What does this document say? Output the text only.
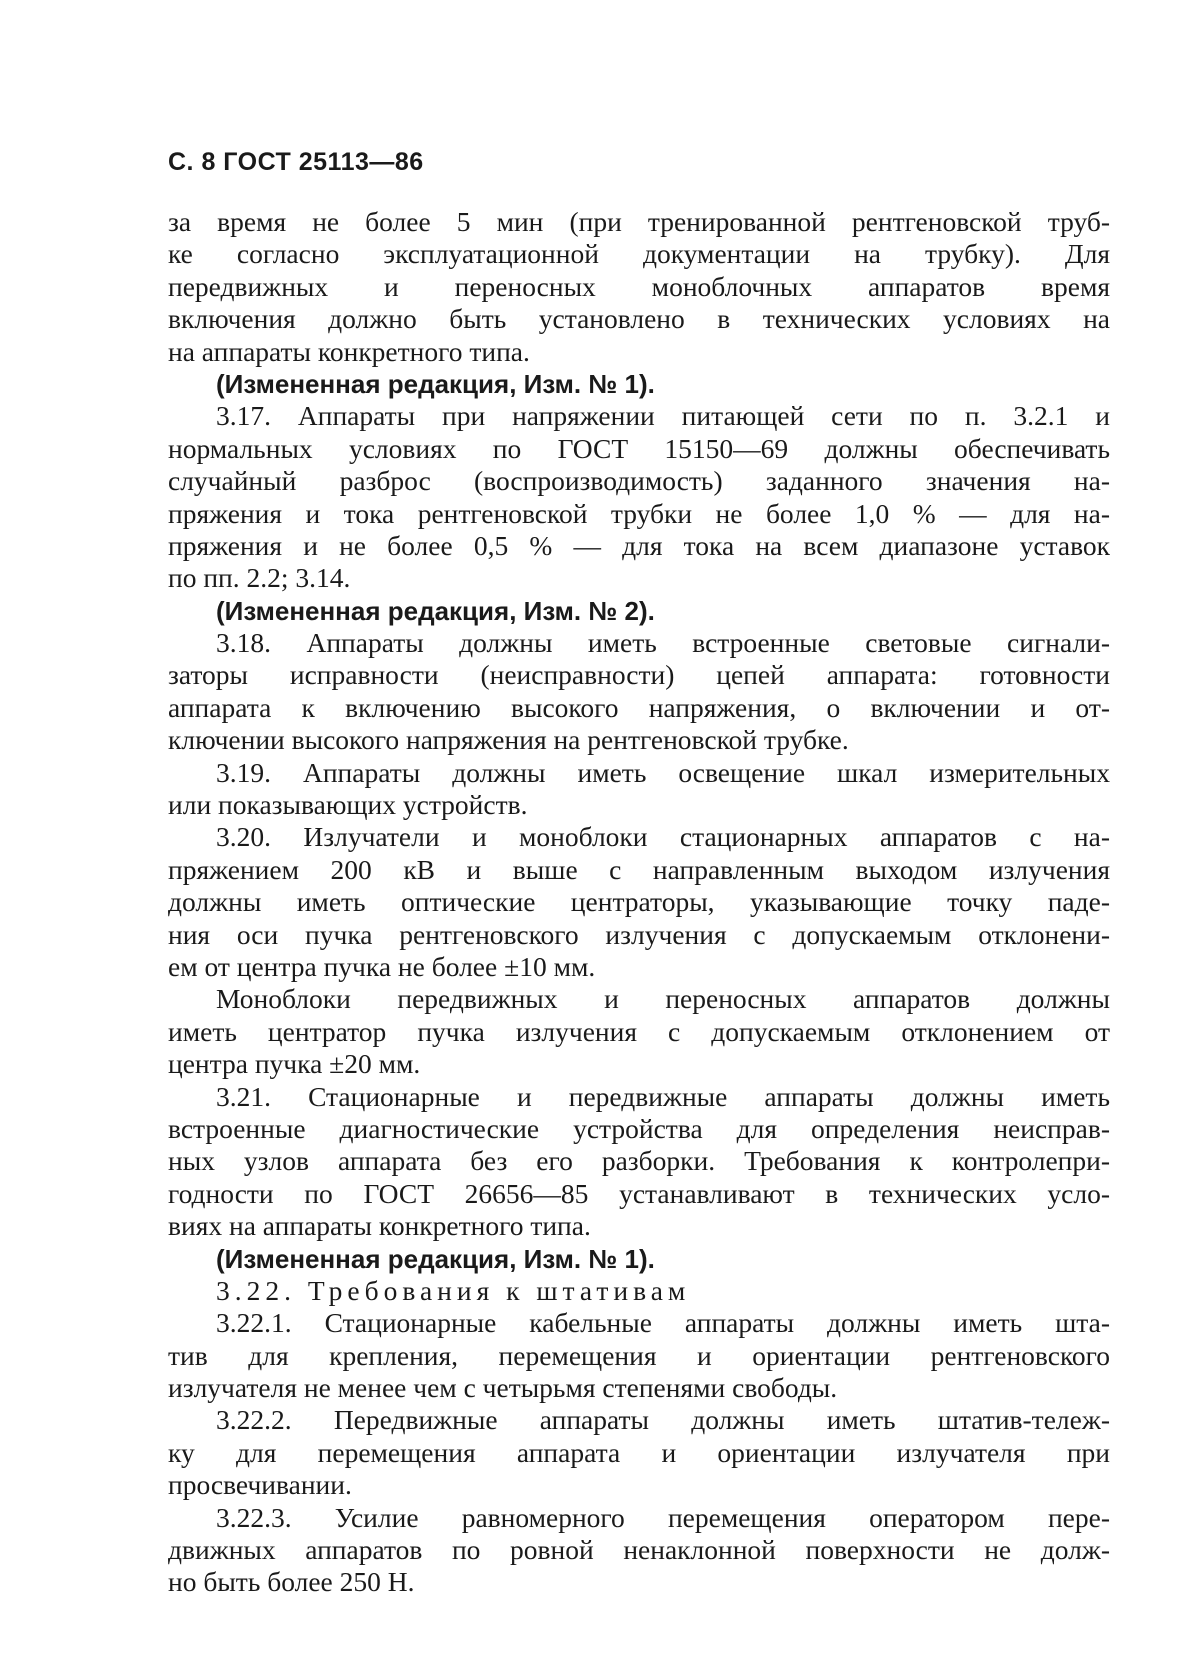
С. 8 ГОСТ 25113—86
за время не более 5 мин (при тренированной рентгеновской труб-
ке согласно эксплуатационной документации на трубку). Для
передвижных и переносных моноблочных аппаратов время
включения должно быть установлено в технических условиях на
на аппараты конкретного типа.
(Измененная редакция, Изм. № 1).
3.17. Аппараты при напряжении питающей сети по п. 3.2.1 и
нормальных условиях по ГОСТ 15150—69 должны обеспечивать
случайный разброс (воспроизводимость) заданного значения на-
пряжения и тока рентгеновской трубки не более 1,0 % — для на-
пряжения и не более 0,5 % — для тока на всем диапазоне уставок
по пп. 2.2; 3.14.
(Измененная редакция, Изм. № 2).
3.18. Аппараты должны иметь встроенные световые сигнали-
заторы исправности (неисправности) цепей аппарата: готовности
аппарата к включению высокого напряжения, о включении и от-
ключении высокого напряжения на рентгеновской трубке.
3.19. Аппараты должны иметь освещение шкал измерительных
или показывающих устройств.
3.20. Излучатели и моноблоки стационарных аппаратов с на-
пряжением 200 кВ и выше с направленным выходом излучения
должны иметь оптические центраторы, указывающие точку паде-
ния оси пучка рентгеновского излучения с допускаемым отклонени-
ем от центра пучка не более ±10 мм.
Моноблоки передвижных и переносных аппаратов должны
иметь центратор пучка излучения с допускаемым отклонением от
центра пучка ±20 мм.
3.21. Стационарные и передвижные аппараты должны иметь
встроенные диагностические устройства для определения неисправ-
ных узлов аппарата без его разборки. Требования к контролепри-
годности по ГОСТ 26656—85 устанавливают в технических усло-
виях на аппараты конкретного типа.
(Измененная редакция, Изм. № 1).
3.22. Требования к штативам
3.22.1. Стационарные кабельные аппараты должны иметь шта-
тив для крепления, перемещения и ориентации рентгеновского
излучателя не менее чем с четырьмя степенями свободы.
3.22.2. Передвижные аппараты должны иметь штатив-тележ-
ку для перемещения аппарата и ориентации излучателя при
просвечивании.
3.22.3. Усилие равномерного перемещения оператором пере-
движных аппаратов по ровной ненаклонной поверхности не долж-
но быть более 250 Н.
